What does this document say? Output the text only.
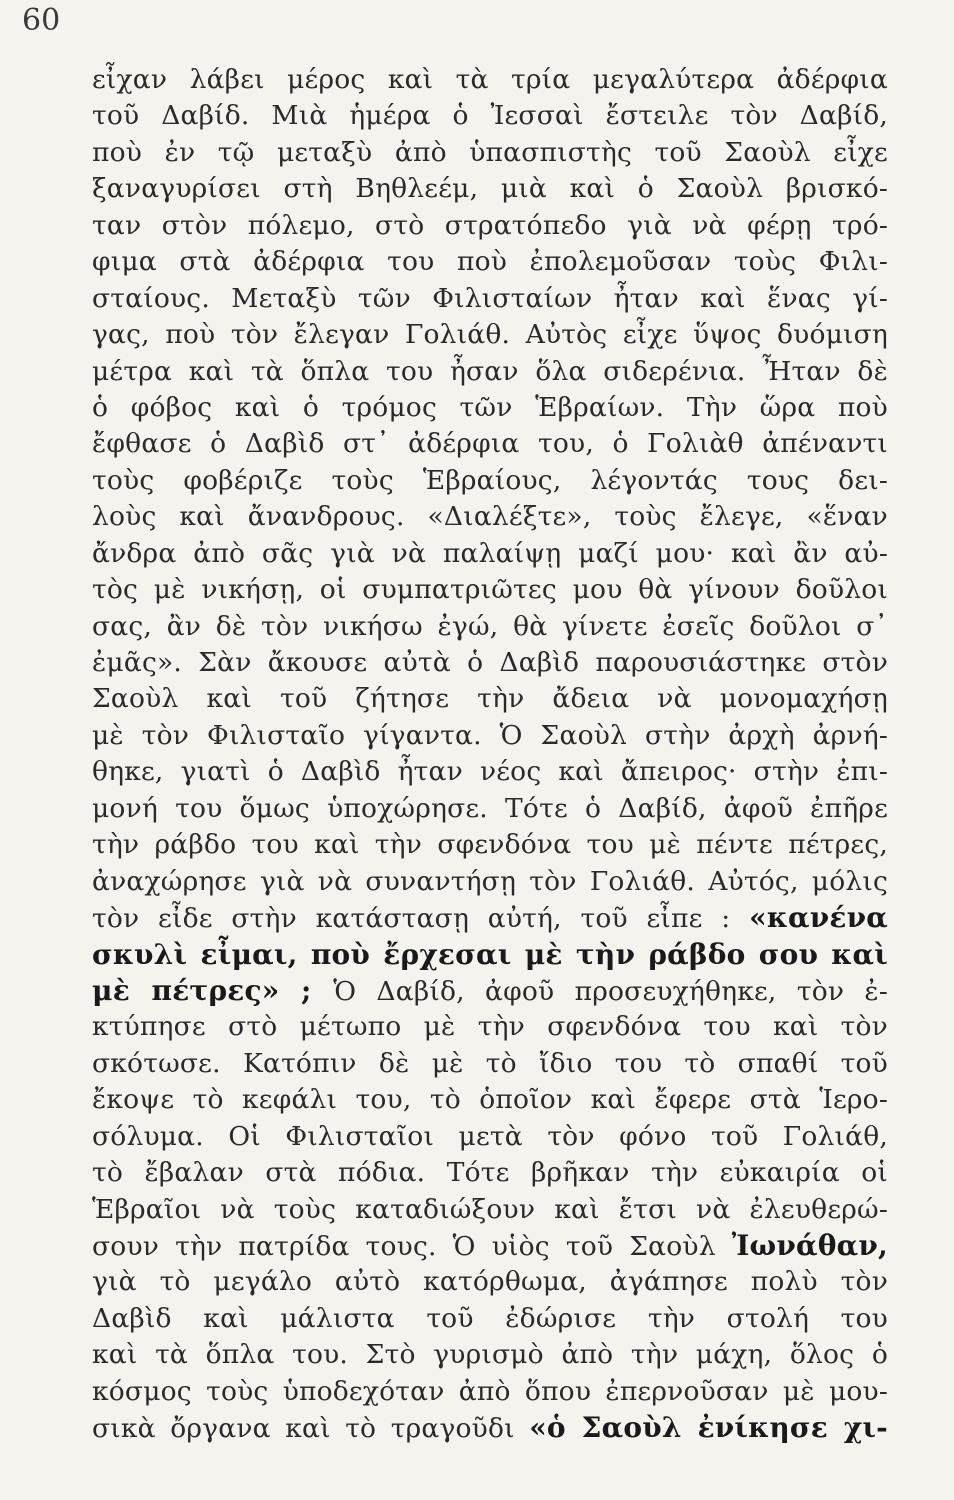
60
εἶχαν λάβει μέρος καὶ τὰ τρία μεγαλύτερα ἀδέρφια
τοῦ Δαβίδ. Μιὰ ἡμέρα ὁ Ἰεσσαὶ ἔστειλε τὸν Δαβίδ,
ποὺ ἐν τῷ μεταξὺ ἀπὸ ὑπασπιστὴς τοῦ Σαοὺλ εἶχε
ξαναγυρίσει στὴ Βηθλεέμ, μιὰ καὶ ὁ Σαοὺλ βρισκό-
ταν στὸν πόλεμο, στὸ στρατόπεδο γιὰ νὰ φέρῃ τρό-
φιμα στὰ ἀδέρφια του ποὺ ἐπολεμοῦσαν τοὺς Φιλι-
σταίους. Μεταξὺ τῶν Φιλισταίων ἦταν καὶ ἕνας γί-
γας, ποὺ τὸν ἔλεγαν Γολιάθ. Αὐτὸς εἶχε ὕψος δυόμιση
μέτρα καὶ τὰ ὅπλα του ἦσαν ὅλα σιδερένια. Ἦταν δὲ
ὁ φόβος καὶ ὁ τρόμος τῶν Ἑβραίων. Τὴν ὥρα ποὺ
ἔφθασε ὁ Δαβὶδ στ᾽ ἀδέρφια του, ὁ Γολιὰθ ἀπέναντι
τοὺς φοβέριζε τοὺς Ἑβραίους, λέγοντάς τους δει-
λοὺς καὶ ἄνανδρους. «Διαλέξτε», τοὺς ἔλεγε, «ἕναν
ἄνδρα ἀπὸ σᾶς γιὰ νὰ παλαίψῃ μαζί μου· καὶ ἂν αὐ-
τὸς μὲ νικήσῃ, οἱ συμπατριῶτες μου θὰ γίνουν δοῦλοι
σας, ἂν δὲ τὸν νικήσω ἐγώ, θὰ γίνετε ἐσεῖς δοῦλοι σ᾽
ἐμᾶς». Σὰν ἄκουσε αὐτὰ ὁ Δαβὶδ παρουσιάστηκε στὸν
Σαοὺλ καὶ τοῦ ζήτησε τὴν ἄδεια νὰ μονομαχήσῃ
μὲ τὸν Φιλισταῖο γίγαντα. Ὁ Σαοὺλ στὴν ἀρχὴ ἀρνή-
θηκε, γιατὶ ὁ Δαβὶδ ἦταν νέος καὶ ἄπειρος· στὴν ἐπι-
μονή του ὅμως ὑποχώρησε. Τότε ὁ Δαβίδ, ἀφοῦ ἐπῆρε
τὴν ράβδο του καὶ τὴν σφενδόνα του μὲ πέντε πέτρες,
ἀναχώρησε γιὰ νὰ συναντήσῃ τὸν Γολιάθ. Αὐτός, μόλις
τὸν εἶδε στὴν κατάστασῃ αὐτή, τοῦ εἶπε : «κανένα
σκυλὶ εἶμαι, ποὺ ἔρχεσαι μὲ τὴν ράβδο σου καὶ
μὲ πέτρες» ; Ὁ Δαβίδ, ἀφοῦ προσευχήθηκε, τὸν ἐ-
κτύπησε στὸ μέτωπο μὲ τὴν σφενδόνα του καὶ τὸν
σκότωσε. Κατόπιν δὲ μὲ τὸ ἴδιο του τὸ σπαθί τοῦ
ἔκοψε τὸ κεφάλι του, τὸ ὁποῖον καὶ ἔφερε στὰ Ἱερο-
σόλυμα. Οἱ Φιλισταῖοι μετὰ τὸν φόνο τοῦ Γολιάθ,
τὸ ἔβαλαν στὰ πόδια. Τότε βρῆκαν τὴν εὐκαιρία οἱ
Ἑβραῖοι νὰ τοὺς καταδιώξουν καὶ ἔτσι νὰ ἐλευθερώ-
σουν τὴν πατρίδα τους. Ὁ υἱὸς τοῦ Σαοὺλ Ἰωνάθαν,
γιὰ τὸ μεγάλο αὐτὸ κατόρθωμα, ἀγάπησε πολὺ τὸν
Δαβὶδ καὶ μάλιστα τοῦ ἐδώρισε τὴν στολή του
καὶ τὰ ὅπλα του. Στὸ γυρισμὸ ἀπὸ τὴν μάχη, ὅλος ὁ
κόσμος τοὺς ὑποδεχόταν ἀπὸ ὅπου ἐπερνοῦσαν μὲ μου-
σικὰ ὄργανα καὶ τὸ τραγοῦδι «ὁ Σαοὺλ ἐνίκησε χι-
